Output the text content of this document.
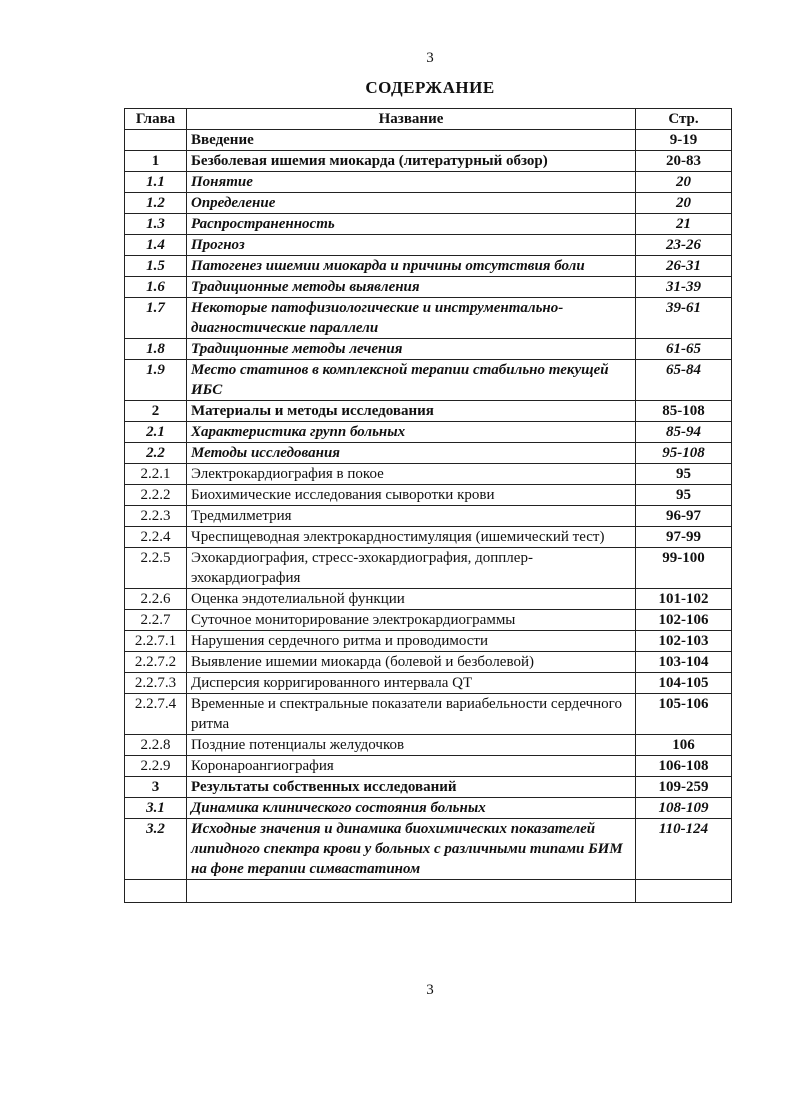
3
СОДЕРЖАНИЕ
Глава	Название	Стр.
	Введение	9-19
1	Безболевая ишемия миокарда (литературный обзор)	20-83
1.1	Понятие	20
1.2	Определение	20
1.3	Распространенность	21
1.4	Прогноз	23-26
1.5	Патогенез ишемии миокарда и причины отсутствия боли	26-31
1.6	Традиционные методы выявления	31-39
1.7	Некоторые патофизиологические и инструментально-диагностические параллели	39-61
1.8	Традиционные методы лечения	61-65
1.9	Место статинов в комплексной терапии стабильно текущей ИБС	65-84
2	Материалы и методы исследования	85-108
2.1	Характеристика групп больных	85-94
2.2	Методы исследования	95-108
2.2.1	Электрокардиография в покое	95
2.2.2	Биохимические исследования сыворотки крови	95
2.2.3	Тредмилметрия	96-97
2.2.4	Чреспищеводная электрокардностимуляция (ишемический тест)	97-99
2.2.5	Эхокардиография, стресс-эхокардиография, допплер-эхокардиография	99-100
2.2.6	Оценка эндотелиальной функции	101-102
2.2.7	Суточное мониторирование электрокардиограммы	102-106
2.2.7.1	Нарушения сердечного ритма и проводимости	102-103
2.2.7.2	Выявление ишемии миокарда (болевой и безболевой)	103-104
2.2.7.3	Дисперсия корригированного интервала QT	104-105
2.2.7.4	Временные и спектральные показатели вариабельности сердечного ритма	105-106
2.2.8	Поздние потенциалы желудочков	106
2.2.9	Коронароангиография	106-108
3	Результаты собственных исследований	109-259
3.1	Динамика клинического состояния больных	108-109
3.2	Исходные значения и динамика биохимических показателей липидного спектра крови у больных с различными типами БИМ на фоне терапии симвастатином	110-124

3
